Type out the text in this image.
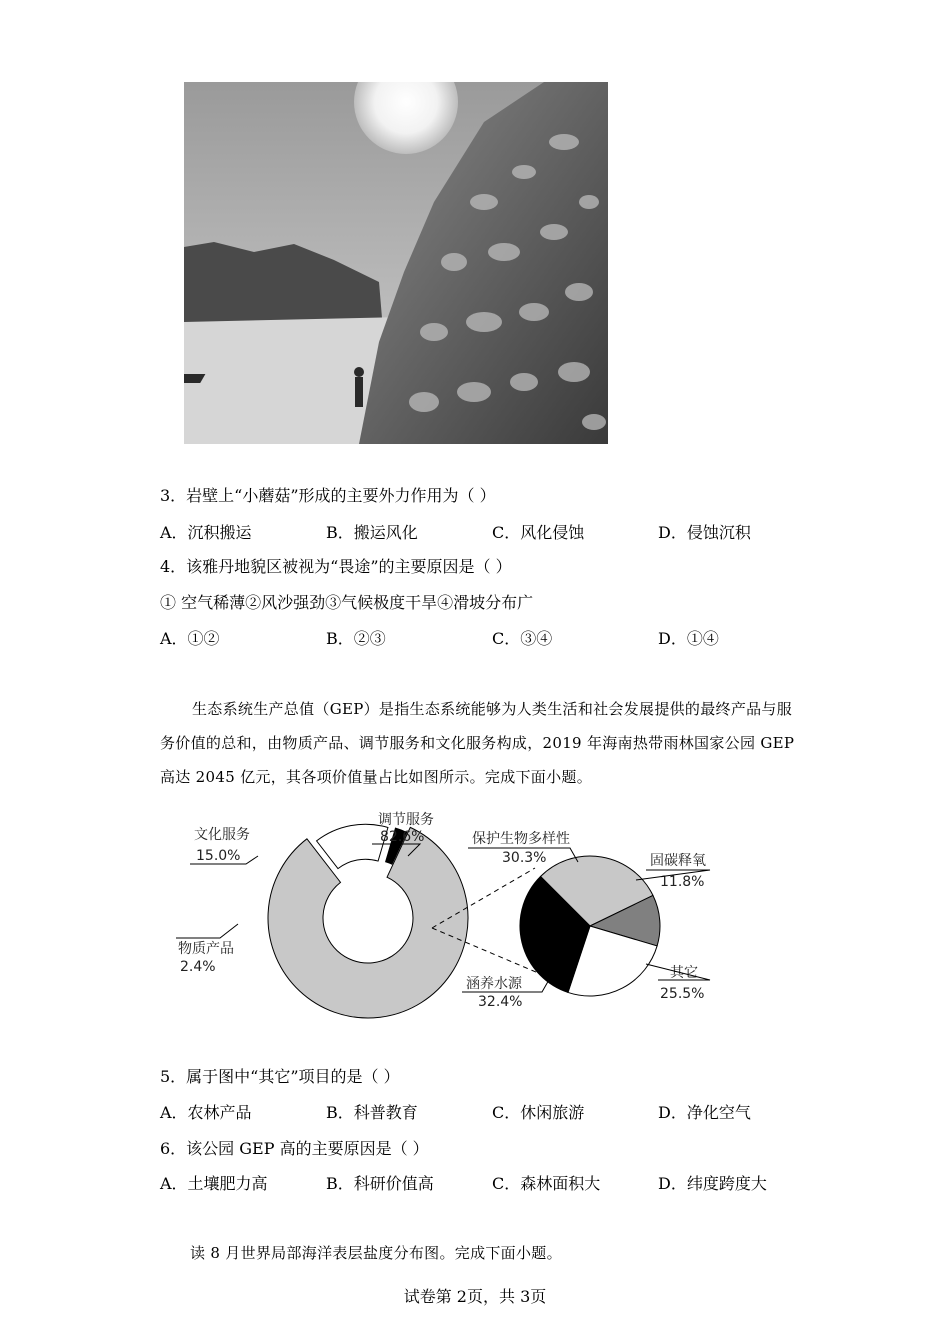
3．岩壁上“小蘑菇”形成的主要外力作用为（ ）
A．沉积搬运	B．搬运风化	C．风化侵蚀	D．侵蚀沉积
4．该雅丹地貌区被视为“畏途”的主要原因是（ ）
① 空气稀薄②风沙强劲③气候极度干旱④滑坡分布广
A．①②	B．②③	C．③④	D．①④
生态系统生产总值（GEP）是指生态系统能够为人类生活和社会发展提供的最终产品与服务价值的总和，由物质产品、调节服务和文化服务构成，2019 年海南热带雨林国家公园 GEP 高达 2045 亿元，其各项价值量占比如图所示。完成下面小题。
调节服务
82.6%
文化服务
15.0%
物质产品
2.4%
保护生物多样性
30.3%	固碳释氧
11.8%
其它
25.5%
涵养水源
32.4%
5．属于图中“其它”项目的是（ ）
A．农林产品	B．科普教育	C．休闲旅游	D．净化空气
6．该公园 GEP 高的主要原因是（ ）
A．土壤肥力高	B．科研价值高	C．森林面积大	D．纬度跨度大
读 8 月世界局部海洋表层盐度分布图。完成下面小题。
试卷第 2页，共 3页
